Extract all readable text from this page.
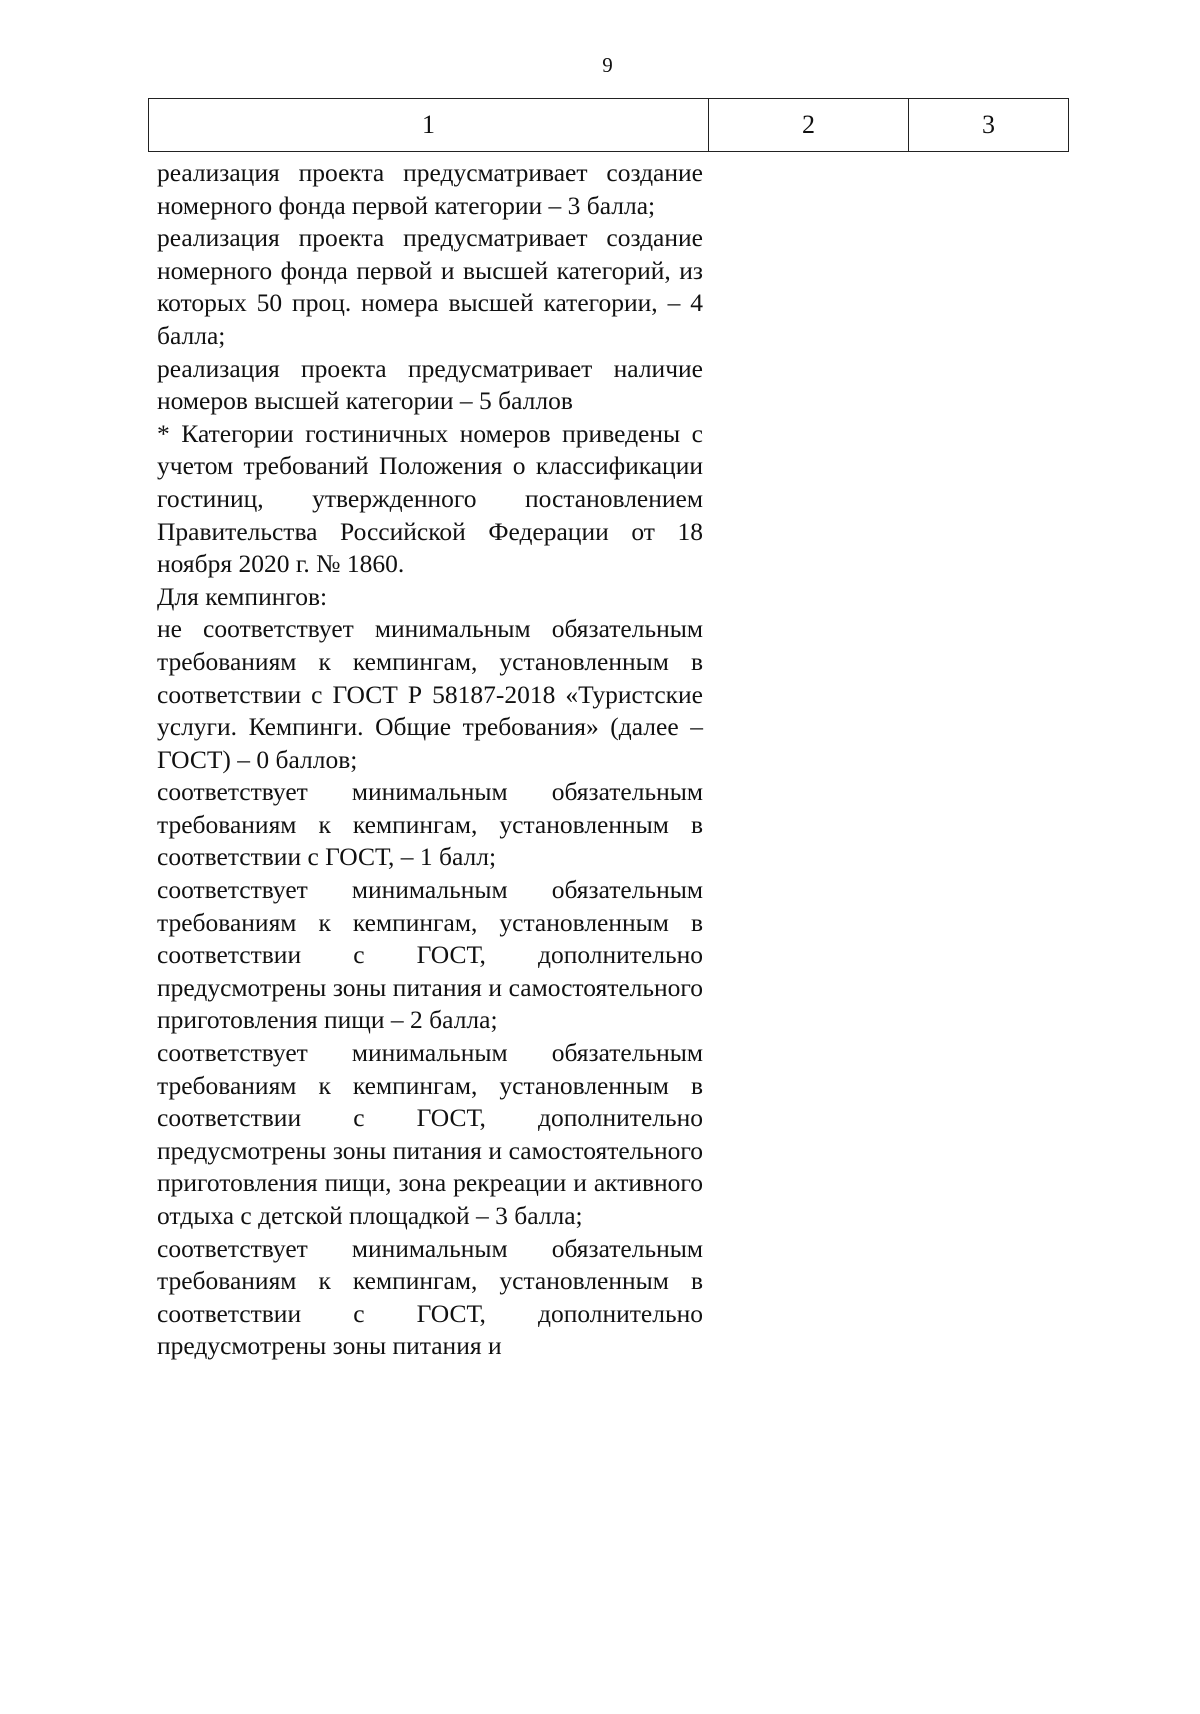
9
1	2	3

реализация проекта предусматривает создание номерного фонда первой категории – 3 балла;

реализация проекта предусматривает создание номерного фонда первой и высшей категорий, из которых 50 проц. номера высшей категории, – 4 балла;

реализация проекта предусматривает наличие номеров высшей категории – 5 баллов

* Категории гостиничных номеров приведены с учетом требований Положения о классификации гостиниц, утвержденного постановлением Правительства Российской Федерации от 18 ноября 2020 г. № 1860.

Для кемпингов:

не соответствует минимальным обязательным требованиям к кемпингам, установленным в соответствии с ГОСТ Р 58187-2018 «Туристские услуги. Кемпинги. Общие требования» (далее – ГОСТ) – 0 баллов;

соответствует минимальным обязательным требованиям к кемпингам, установленным в соответствии с ГОСТ, – 1 балл;

соответствует минимальным обязательным требованиям к кемпингам, установленным в соответствии с ГОСТ, дополнительно предусмотрены зоны питания и самостоятельного приготовления пищи – 2 балла;

соответствует минимальным обязательным требованиям к кемпингам, установленным в соответствии с ГОСТ, дополнительно предусмотрены зоны питания и самостоятельного приготовления пищи, зона рекреации и активного отдыха с детской площадкой – 3 балла;

соответствует минимальным обязательным требованиям к кемпингам, установленным в соответствии с ГОСТ, дополнительно предусмотрены зоны питания и
